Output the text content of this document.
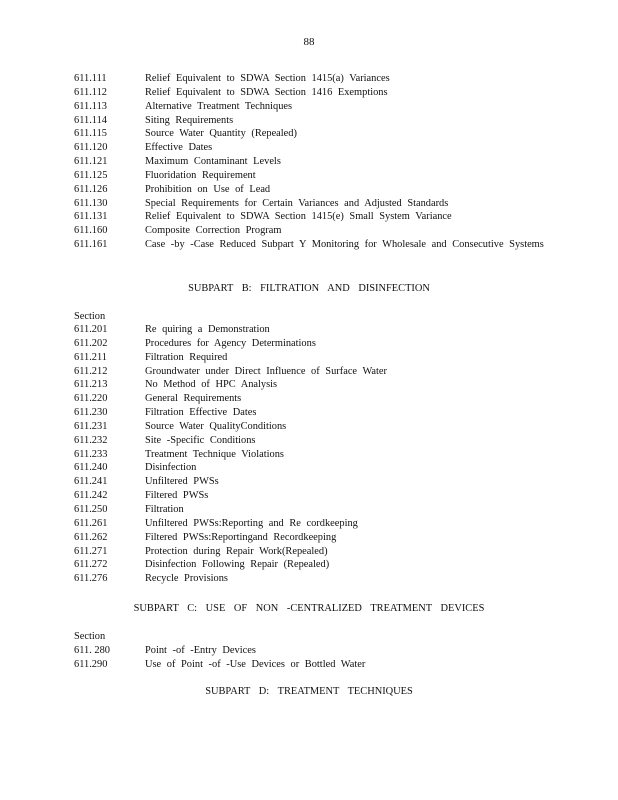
88
611.111	Relief Equivalent to SDWA Section 1415(a) Variances
611.112	Relief Equivalent to SDWA Section 1416 Exemptions
611.113	Alternative Treatment Techniques
611.114	Siting Requirements
611.115	Source Water Quantity (Repealed)
611.120	Effective Dates
611.121	Maximum Contaminant Levels
611.125	Fluoridation Requirement
611.126	Prohibition on Use of Lead
611.130	Special Requirements for Certain Variances and Adjusted Standards
611.131	Relief Equivalent to SDWA Section 1415(e) Small System Variance
611.160	Composite Correction Program
611.161	Case -by -Case Reduced Subpart Y Monitoring for Wholesale and Consecutive Systems
SUBPART B: FILTRATION AND DISINFECTION
Section
611.201	Re quiring a Demonstration
611.202	Procedures for Agency Determinations
611.211	Filtration Required
611.212	Groundwater under Direct Influence of Surface Water
611.213	No Method of HPC Analysis
611.220	General Requirements
611.230	Filtration Effective Dates
611.231	Source Water QualityConditions
611.232	Site -Specific Conditions
611.233	Treatment Technique Violations
611.240	Disinfection
611.241	Unfiltered PWSs
611.242	Filtered PWSs
611.250	Filtration
611.261	Unfiltered PWSs:Reporting and Re cordkeeping
611.262	Filtered PWSs:Reportingand Recordkeeping
611.271	Protection during Repair Work(Repealed)
611.272	Disinfection Following Repair (Repealed)
611.276	Recycle Provisions
SUBPART C: USE OF NON -CENTRALIZED TREATMENT DEVICES
Section
611. 280	Point -of -Entry Devices
611.290	Use of Point -of -Use Devices or Bottled Water
SUBPART D: TREATMENT TECHNIQUES
